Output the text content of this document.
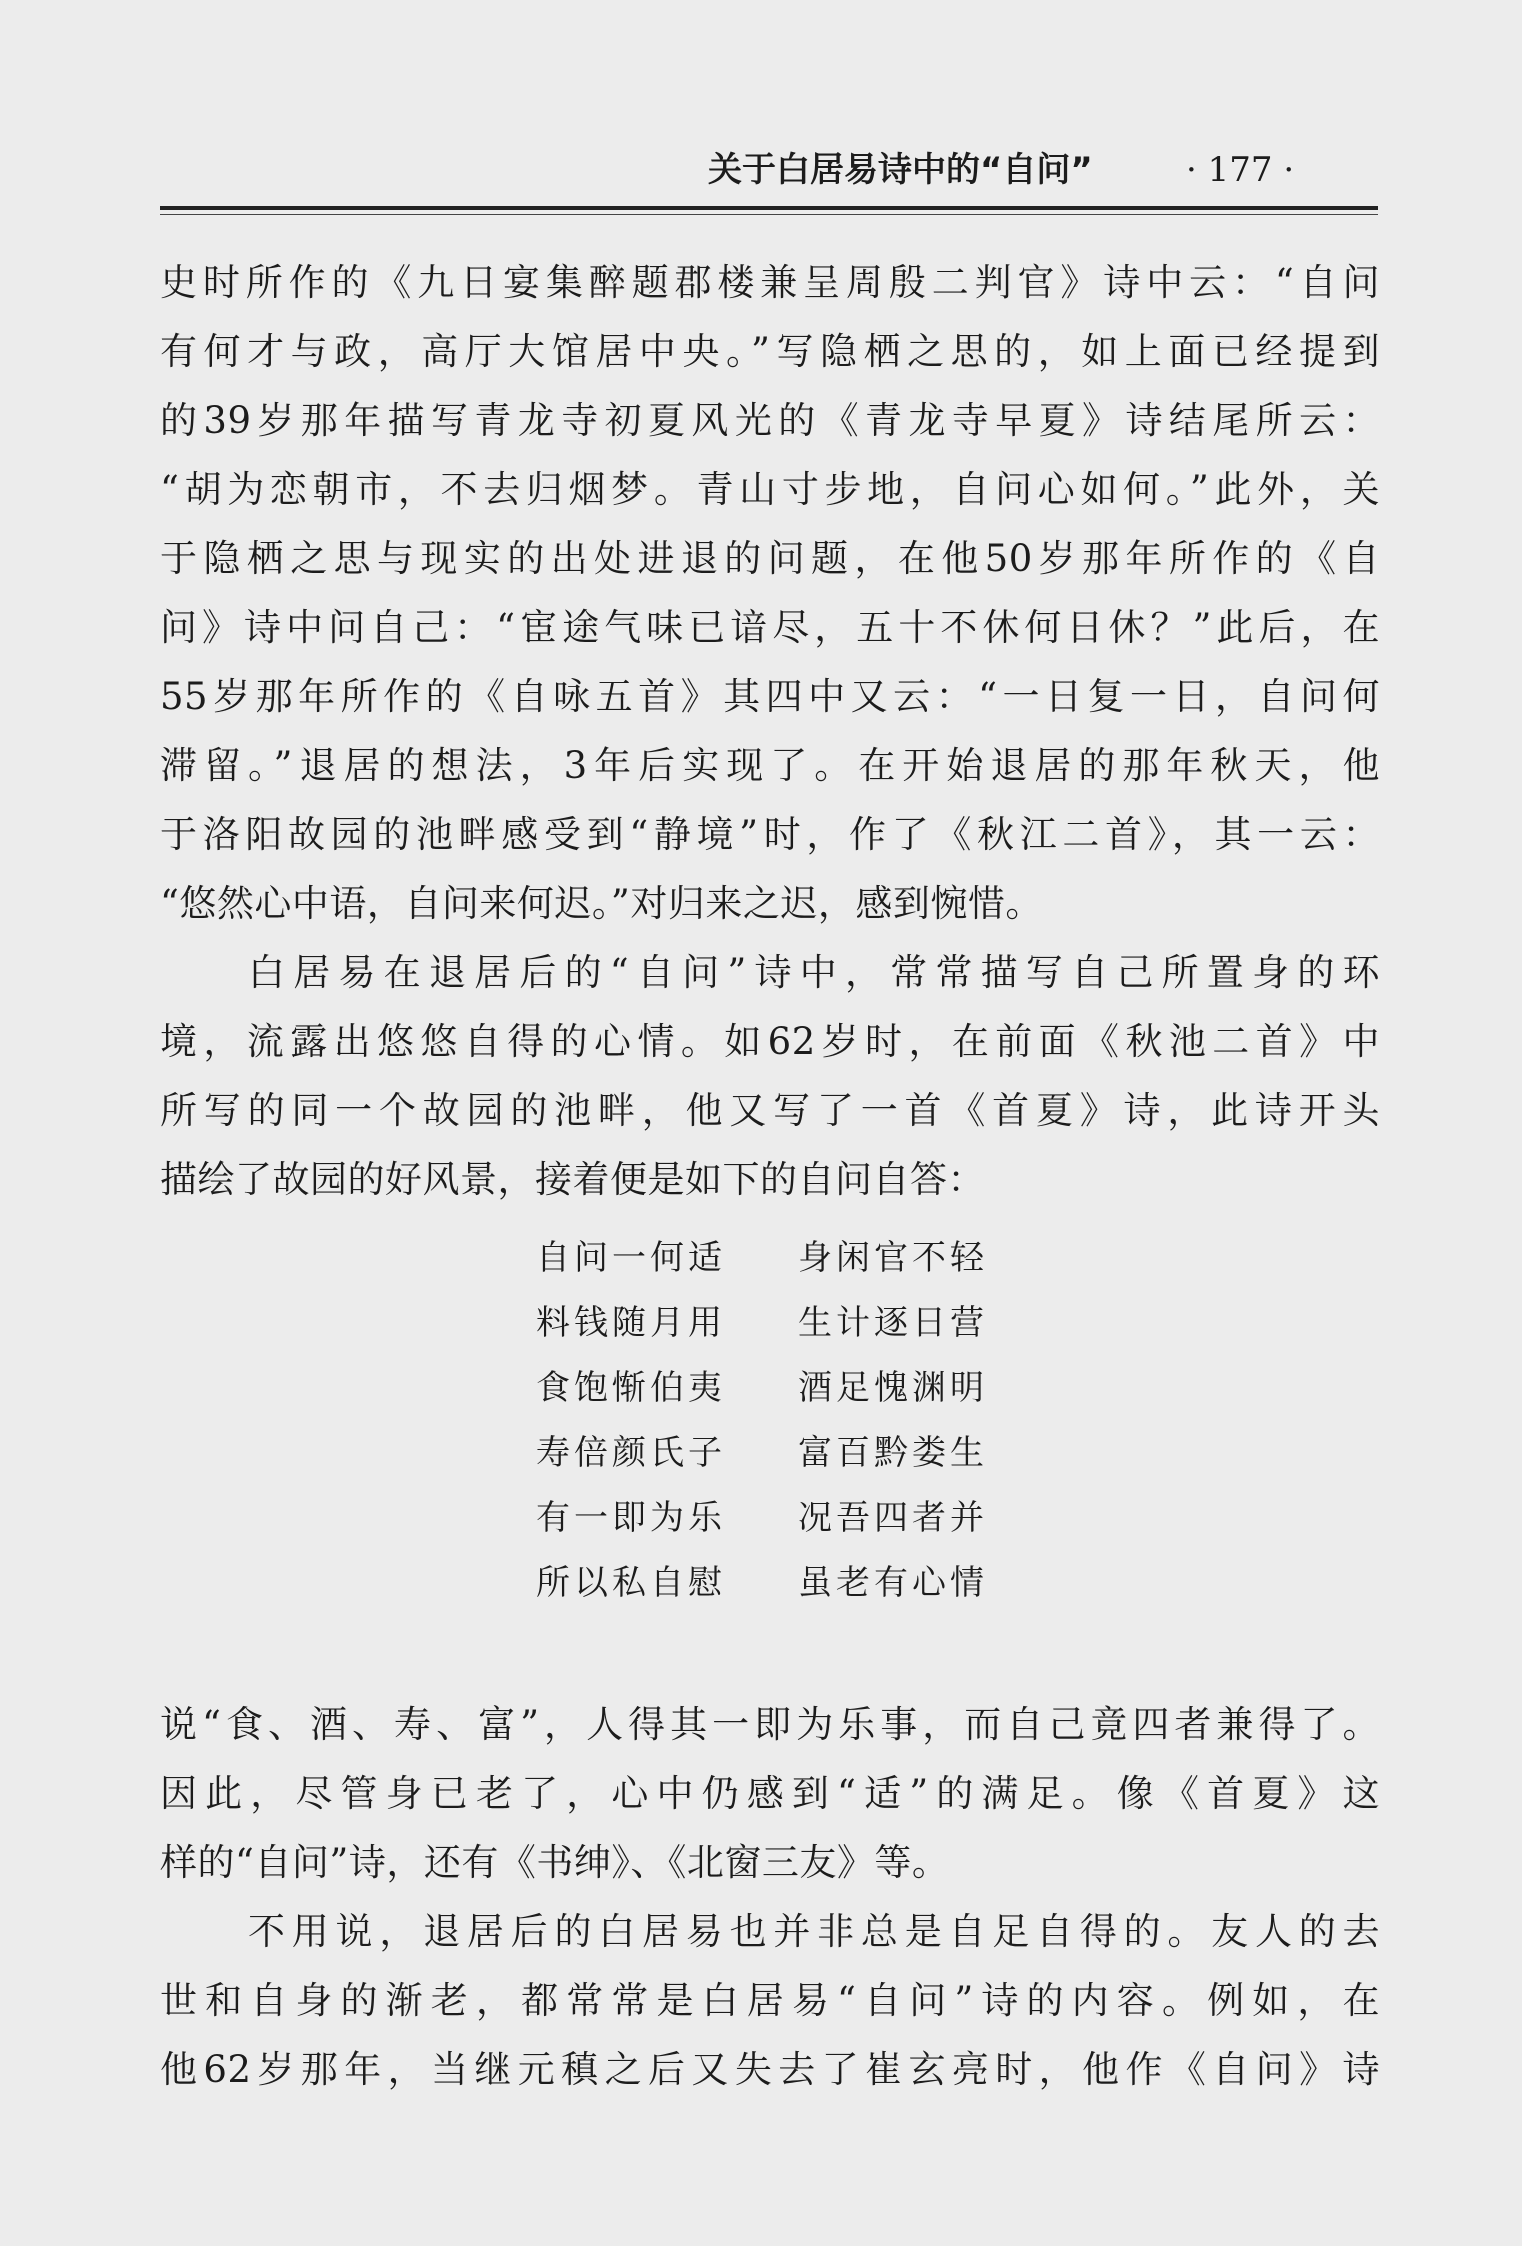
关于白居易诗中的“自问”	· 177 ·
史时所作的《九日宴集醉题郡楼兼呈周殷二判官》诗中云：“自问
有何才与政，高厅大馆居中央。”写隐栖之思的，如上面已经提到
的39岁那年描写青龙寺初夏风光的《青龙寺早夏》诗结尾所云：
“胡为恋朝市，不去归烟梦。青山寸步地，自问心如何。”此外，关
于隐栖之思与现实的出处进退的问题，在他50岁那年所作的《自
问》诗中问自己：“宦途气味已谙尽，五十不休何日休？”此后，在
55岁那年所作的《自咏五首》其四中又云：“一日复一日，自问何
滞留。”退居的想法，3年后实现了。在开始退居的那年秋天，他
于洛阳故园的池畔感受到“静境”时，作了《秋江二首》，其一云：
“悠然心中语，自问来何迟。”对归来之迟，感到惋惜。
白居易在退居后的“自问”诗中，常常描写自己所置身的环
境，流露出悠悠自得的心情。如62岁时，在前面《秋池二首》中
所写的同一个故园的池畔，他又写了一首《首夏》诗，此诗开头
描绘了故园的好风景，接着便是如下的自问自答：
自问一何适 身闲官不轻
料钱随月用 生计逐日营
食饱惭伯夷 酒足愧渊明
寿倍颜氏子 富百黔娄生
有一即为乐 况吾四者并
所以私自慰 虽老有心情
说“食、酒、寿、富”，人得其一即为乐事，而自己竟四者兼得了。
因此，尽管身已老了，心中仍感到“适”的满足。像《首夏》这
样的“自问”诗，还有《书绅》、《北窗三友》等。
不用说，退居后的白居易也并非总是自足自得的。友人的去
世和自身的渐老，都常常是白居易“自问”诗的内容。例如，在
他62岁那年，当继元稹之后又失去了崔玄亮时，他作《自问》诗
